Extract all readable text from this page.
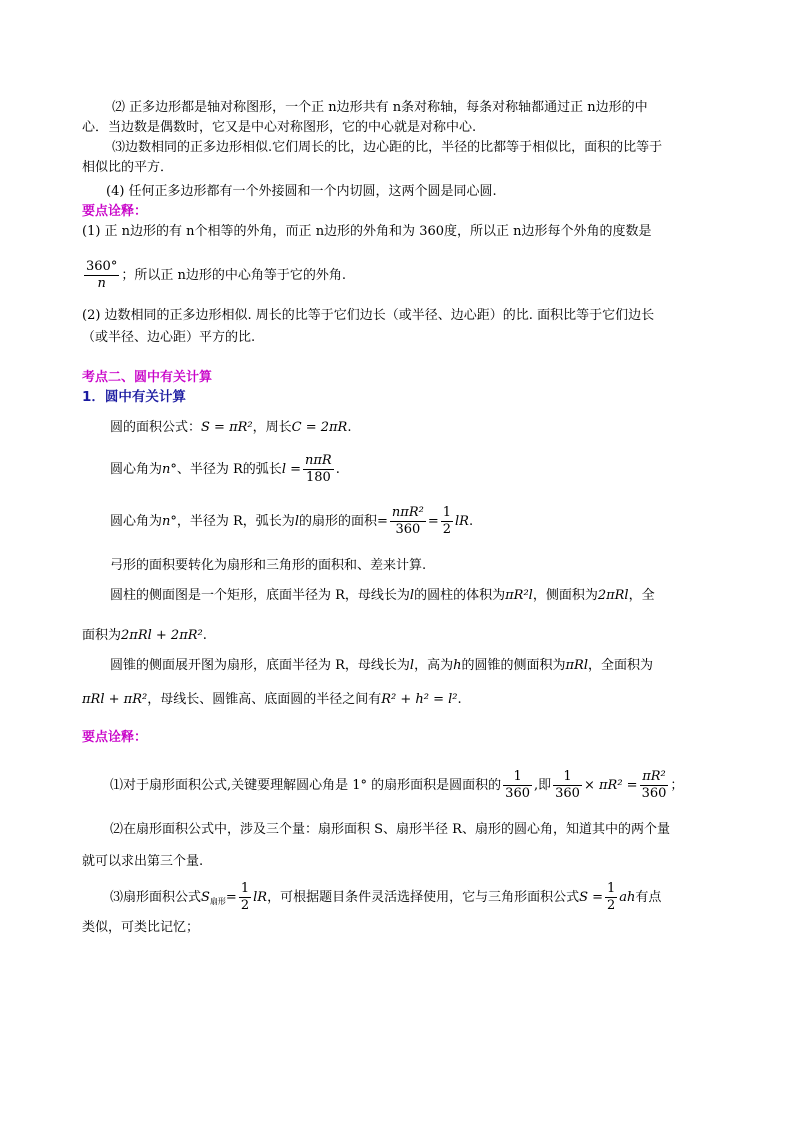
⑵ 正多边形都是轴对称图形，一个正 n边形共有 n条对称轴，每条对称轴都通过正 n边形的中
心．当边数是偶数时，它又是中心对称图形，它的中心就是对称中心.
⑶边数相同的正多边形相似.它们周长的比，边心距的比，半径的比都等于相似比，面积的比等于
相似比的平方．
(4) 任何正多边形都有一个外接圆和一个内切圆，这两个圆是同心圆.
要点诠释：
(1) 正 n边形的有 n个相等的外角，而正 n边形的外角和为 360度，所以正 n边形每个外角的度数是
$\frac{360^\circ}{n}$ ；所以正 n边形的中心角等于它的外角.
(2) 边数相同的正多边形相似. 周长的比等于它们边长（或半径、边心距）的比. 面积比等于它们边长
（或半径、边心距）平方的比.
考点二、圆中有关计算
1．圆中有关计算
圆的面积公式：S = πR²，周长C = 2πR.
圆心角为n°、半径为 R的弧长$l = \frac{\text{nπR}}{180}$ .
圆心角为n°，半径为 R，弧长为l的扇形的面积= $\frac{\text{nπR²}}{360} = \frac{1}{2}$ lR.
弓形的面积要转化为扇形和三角形的面积和、差来计算.
圆柱的侧面图是一个矩形，底面半径为 R，母线长为l的圆柱的体积为πR²l，侧面积为2πRl，全
面积为2πRl + 2πR².
圆锥的侧面展开图为扇形，底面半径为 R，母线长为l，高为h的圆锥的侧面积为πRl，全面积为
πRl + πR²，母线长、圆锥高、底面圆的半径之间有R² + h² = l².
要点诠释：
⑴对于扇形面积公式,关键要理解圆心角是 1° 的扇形面积是圆面积的 $\frac{1}{360}$ ,即 $\frac{1}{360} \times \pi R^2 = \frac{\text{πR²}}{360}$ ；
⑵在扇形面积公式中，涉及三个量：扇形面积 S、扇形半径 R、扇形的圆心角，知道其中的两个量
就可以求出第三个量.
⑶扇形面积公式$S_{扇形}= \frac{1}{2}$ lR，可根据题目条件灵活选择使用，它与三角形面积公式$S = \frac{1}{2}$ ah有点
类似，可类比记忆；
